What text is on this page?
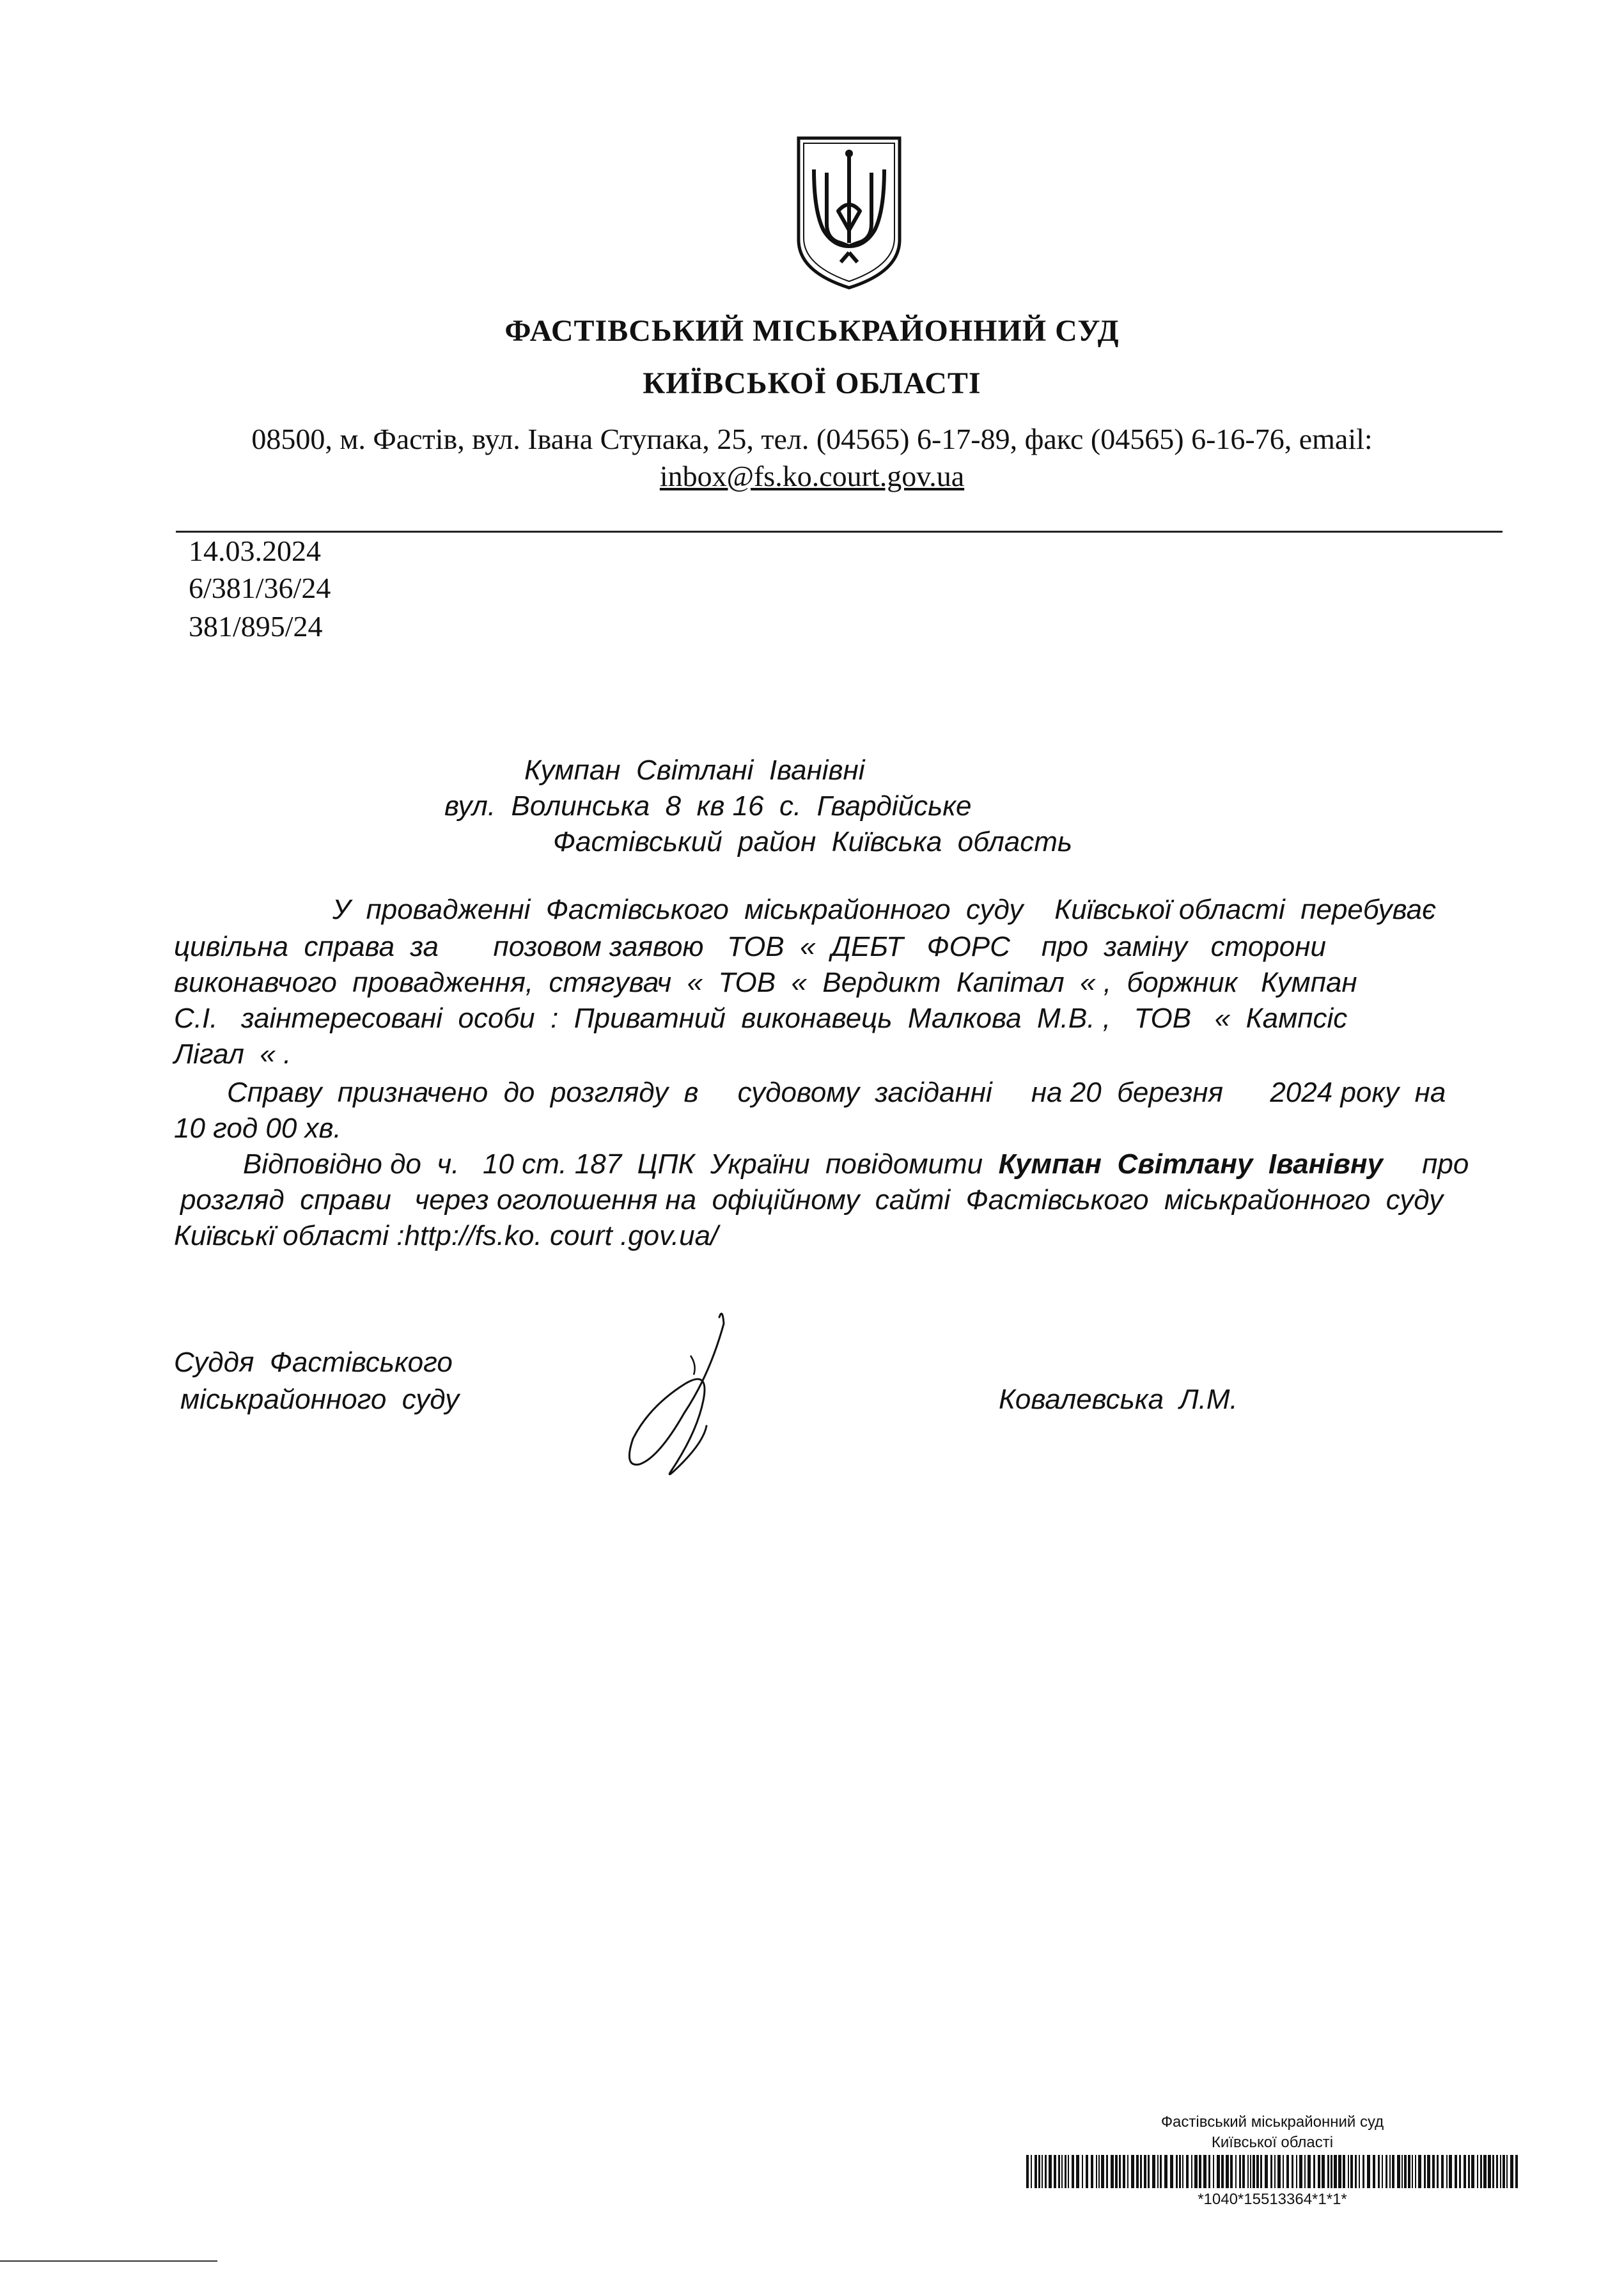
ФАСТІВСЬКИЙ МІСЬКРАЙОННИЙ СУД
КИЇВСЬКОЇ ОБЛАСТІ
08500, м. Фастів, вул. Івана Ступака, 25, тел. (04565) 6-17-89, факс (04565) 6-16-76, email:
inbox@fs.ko.court.gov.ua
14.03.2024
6/381/36/24
381/895/24
Кумпан  Світлані  Іванівні
вул.  Волинська  8  кв 16  с.  Гвардійське
Фастівський  район  Київська  область
У  провадженні  Фастівського  міськрайонного  суду    Київської області  перебуває
цивільна  справа  за       позовом заявою   ТОВ  «  ДЕБТ   ФОРС    про  заміну   сторони
виконавчого  провадження,  стягувач  «  ТОВ  «  Вердикт  Капітал  « ,  боржник   Кумпан
С.І.   заінтересовані  особи  :  Приватний  виконавець  Малкова  М.В. ,   ТОВ   «  Кампсіс
Лігал  « .
Справу  призначено  до  розгляду  в     судовому  засіданні     на 20  березня      2024 року  на
10 год 00 хв.
Відповідно до  ч.   10 ст. 187  ЦПК  України  повідомити  Кумпан  Світлану  Іванівну     про
розгляд  справи   через оголошення на  офіційному  сайті  Фастівського  міськрайонного  суду
Київськї області :http://fs.ko. court .gov.ua/
Суддя  Фастівського
міськрайонного  суду	Ковалевська  Л.М.
Фастівський міськрайонний суд
Київської області
*1040*15513364*1*1*
